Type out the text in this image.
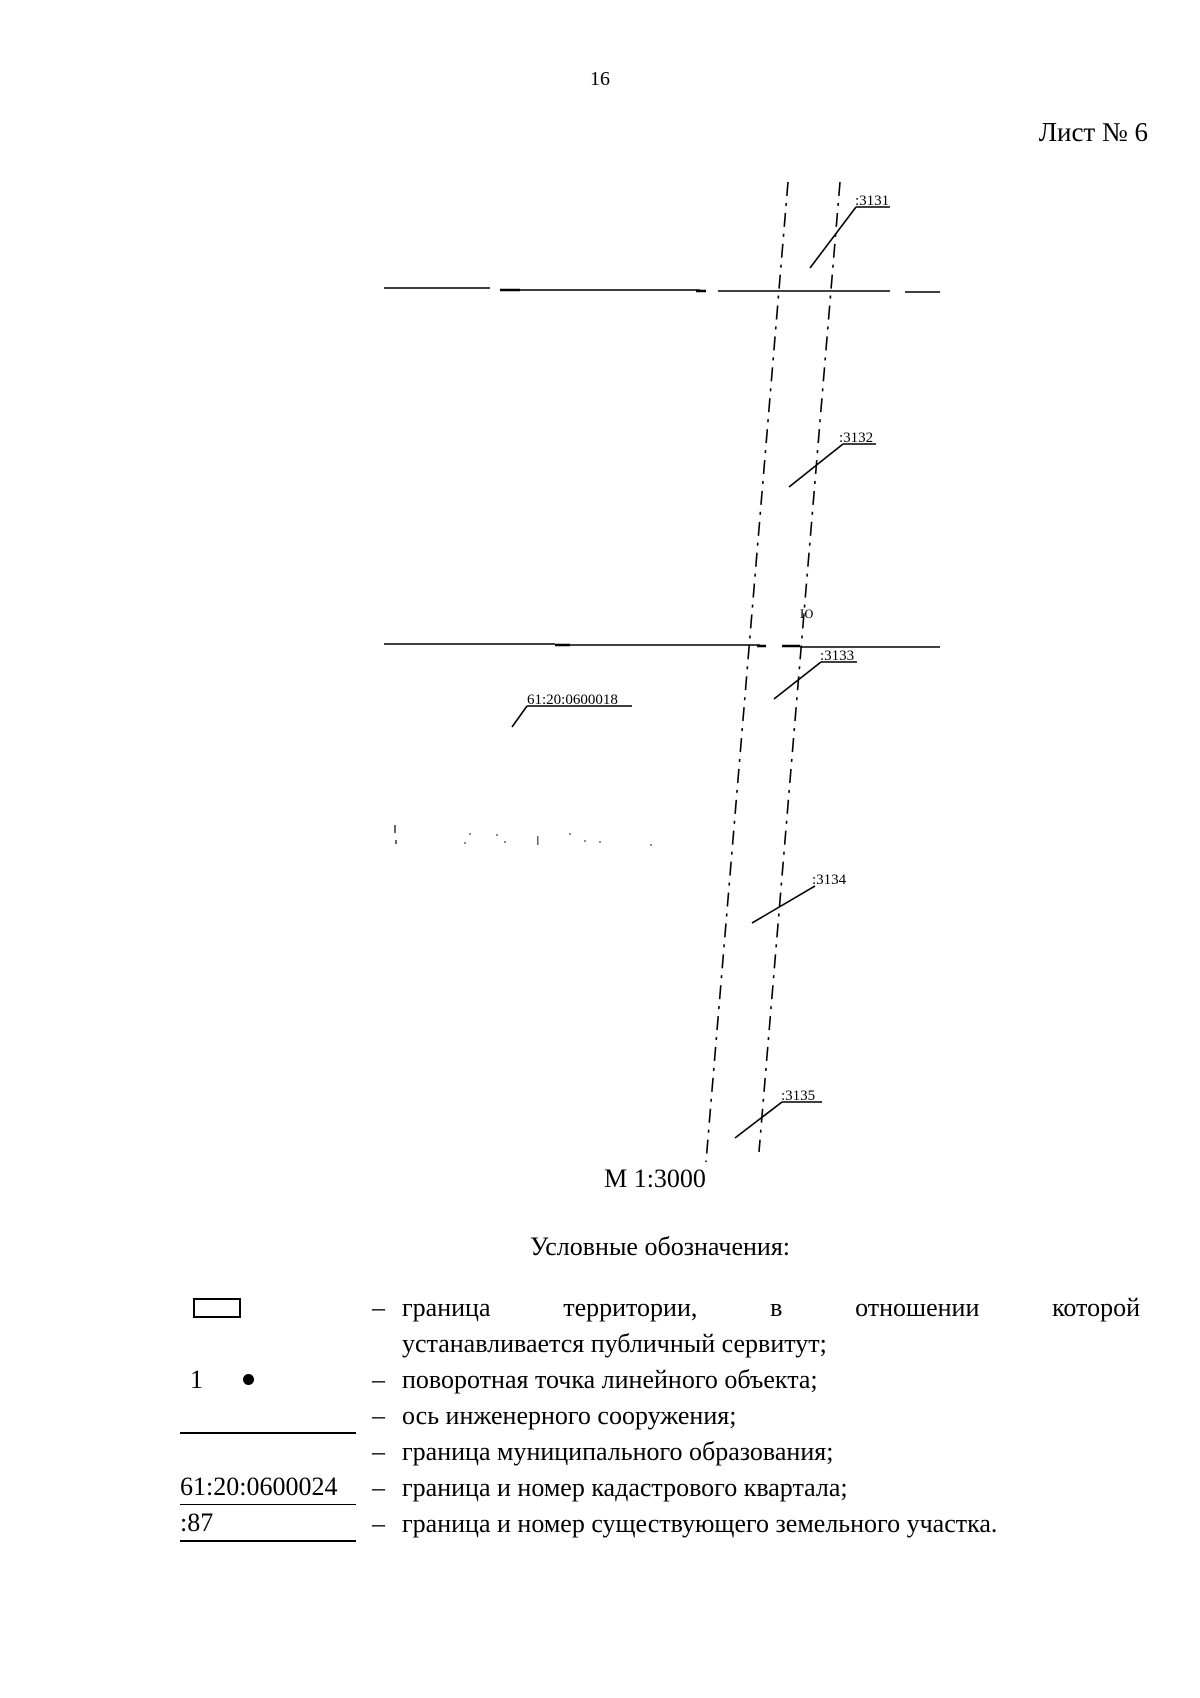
16
Лист № 6
:3131
:3132
:3133
:3134
:3135
61:20:0600018
Ю
М 1:3000
Условные обозначения:
– граница территории, в отношении которой
устанавливается публичный сервитут;
1	– поворотная точка линейного объекта;
– ось инженерного сооружения;
– граница муниципального образования;
61:20:0600024	– граница и номер кадастрового квартала;
:87	– граница и номер существующего земельного участка.
